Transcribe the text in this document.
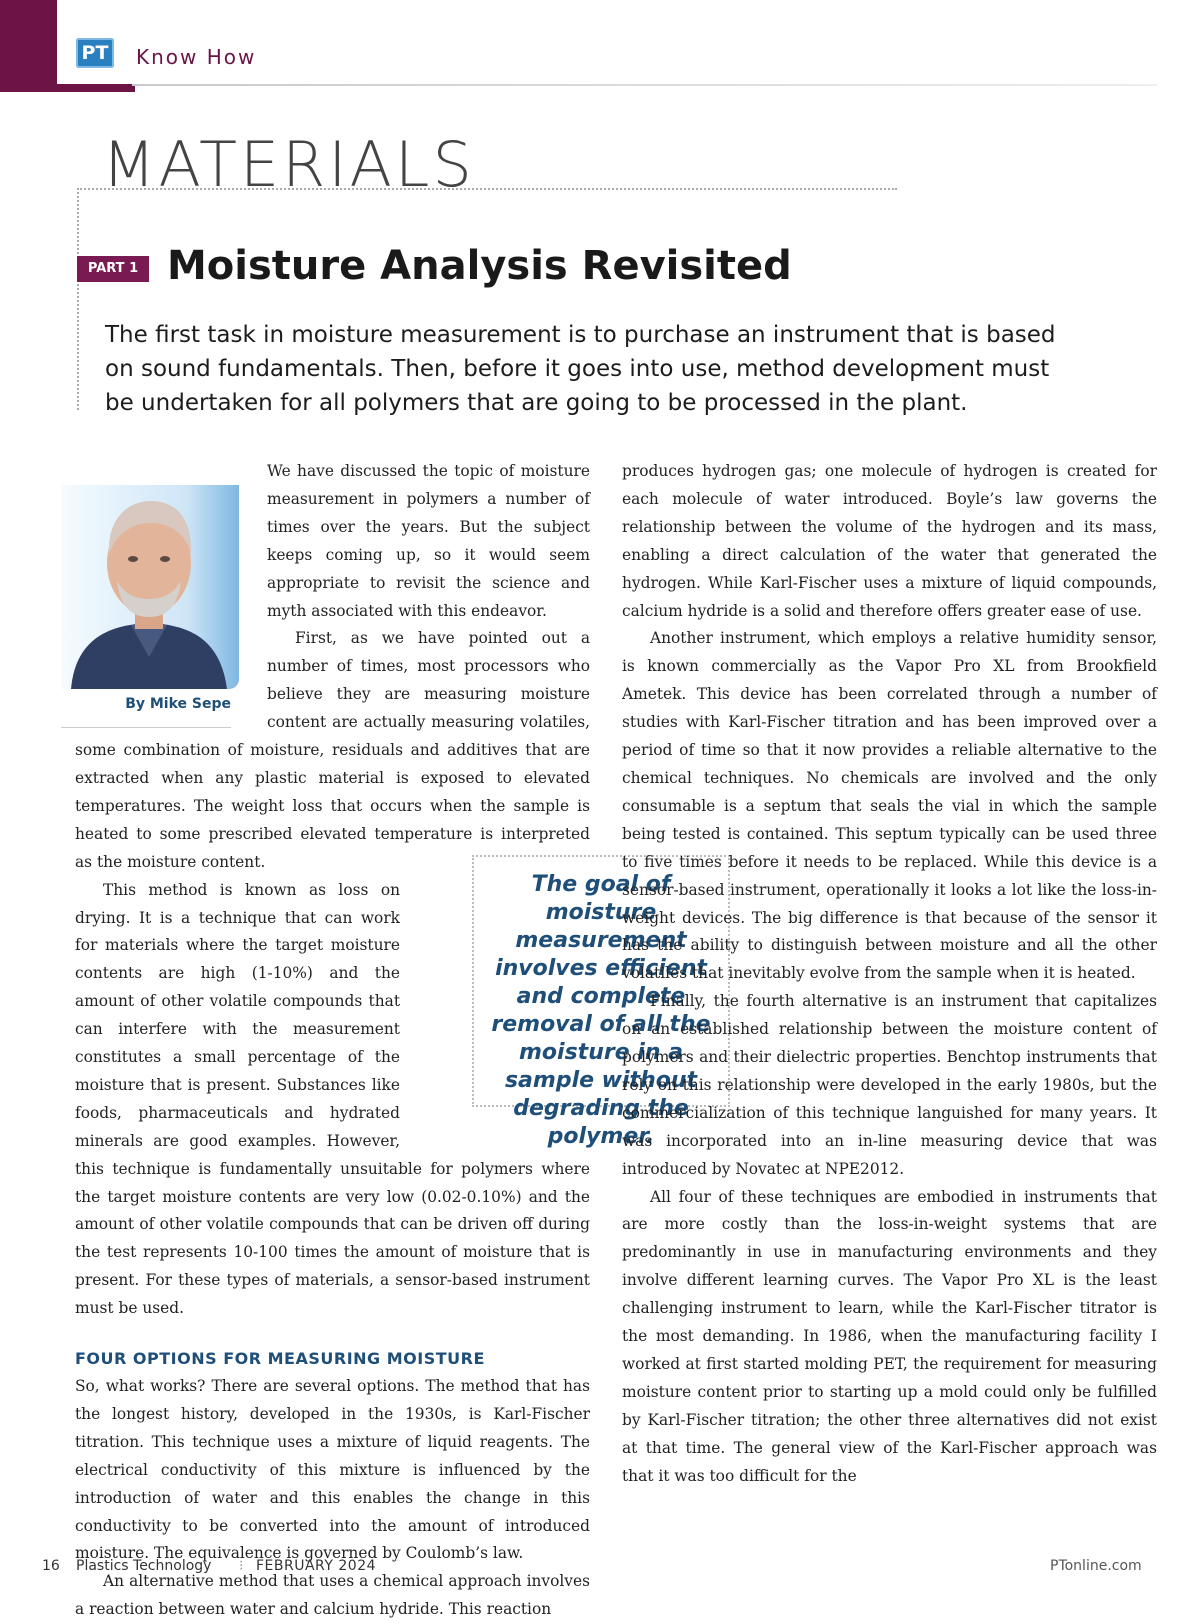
PT Know How
MATERIALS
PART 1 Moisture Analysis Revisited
The first task in moisture measurement is to purchase an instrument that is based on sound fundamentals. Then, before it goes into use, method development must be undertaken for all polymers that are going to be processed in the plant.
By Mike Sepe

We have discussed the topic of moisture measurement in polymers a number of times over the years. But the subject keeps coming up, so it would seem appropriate to revisit the science and myth associated with this endeavor.

First, as we have pointed out a number of times, most processors who believe they are measuring moisture content are actually measuring volatiles, some combination of moisture, residuals and additives that are extracted when any plastic material is exposed to elevated temperatures. The weight loss that occurs when the sample is heated to some prescribed elevated temperature is interpreted as the moisture content.

This method is known as loss on drying. It is a technique that can work for materials where the target moisture contents are high (1-10%) and the amount of other volatile compounds that can interfere with the measurement constitutes a small percentage of the moisture that is present. Substances like foods, pharmaceuticals and hydrated minerals are good examples. However, this technique is fundamentally unsuitable for polymers where the target moisture contents are very low (0.02-0.10%) and the amount of other volatile compounds that can be driven off during the test represents 10-100 times the amount of moisture that is present. For these types of materials, a sensor-based instrument must be used.

FOUR OPTIONS FOR MEASURING MOISTURE

So, what works? There are several options. The method that has the longest history, developed in the 1930s, is Karl-Fischer titration. This technique uses a mixture of liquid reagents. The electrical conductivity of this mixture is influenced by the introduction of water and this enables the change in this conductivity to be converted into the amount of introduced moisture. The equivalence is governed by Coulomb’s law.

An alternative method that uses a chemical approach involves a reaction between water and calcium hydride. This reaction

The goal of moisture measurement involves efficient and complete removal of all the moisture in a sample without degrading the polymer.

produces hydrogen gas; one molecule of hydrogen is created for each molecule of water introduced. Boyle’s law governs the relationship between the volume of the hydrogen and its mass, enabling a direct calculation of the water that generated the hydrogen. While Karl-Fischer uses a mixture of liquid compounds, calcium hydride is a solid and therefore offers greater ease of use.

Another instrument, which employs a relative humidity sensor, is known commercially as the Vapor Pro XL from Brookfield Ametek. This device has been correlated through a number of studies with Karl-Fischer titration and has been improved over a period of time so that it now provides a reliable alternative to the chemical techniques. No chemicals are involved and the only consumable is a septum that seals the vial in which the sample being tested is contained. This septum typically can be used three to five times before it needs to be replaced. While this device is a sensor-based instrument, operationally it looks a lot like the loss-in-weight devices. The big difference is that because of the sensor it has the ability to distinguish between moisture and all the other volatiles that inevitably evolve from the sample when it is heated.

Finally, the fourth alternative is an instrument that capitalizes on an established relationship between the moisture content of polymers and their dielectric properties. Benchtop instruments that rely on this relationship were developed in the early 1980s, but the commercialization of this technique languished for many years. It was incorporated into an in-line measuring device that was introduced by Novatec at NPE2012.

All four of these techniques are embodied in instruments that are more costly than the loss-in-weight systems that are predominantly in use in manufacturing environments and they involve different learning curves. The Vapor Pro XL is the least challenging instrument to learn, while the Karl-Fischer titrator is the most demanding. In 1986, when the manufacturing facility I worked at first started molding PET, the requirement for measuring moisture content prior to starting up a mold could only be fulfilled by Karl-Fischer titration; the other three alternatives did not exist at that time. The general view of the Karl-Fischer approach was that it was too difficult for the

16 Plastics Technology ⁝ FEBRUARY 2024	PTonline.com
